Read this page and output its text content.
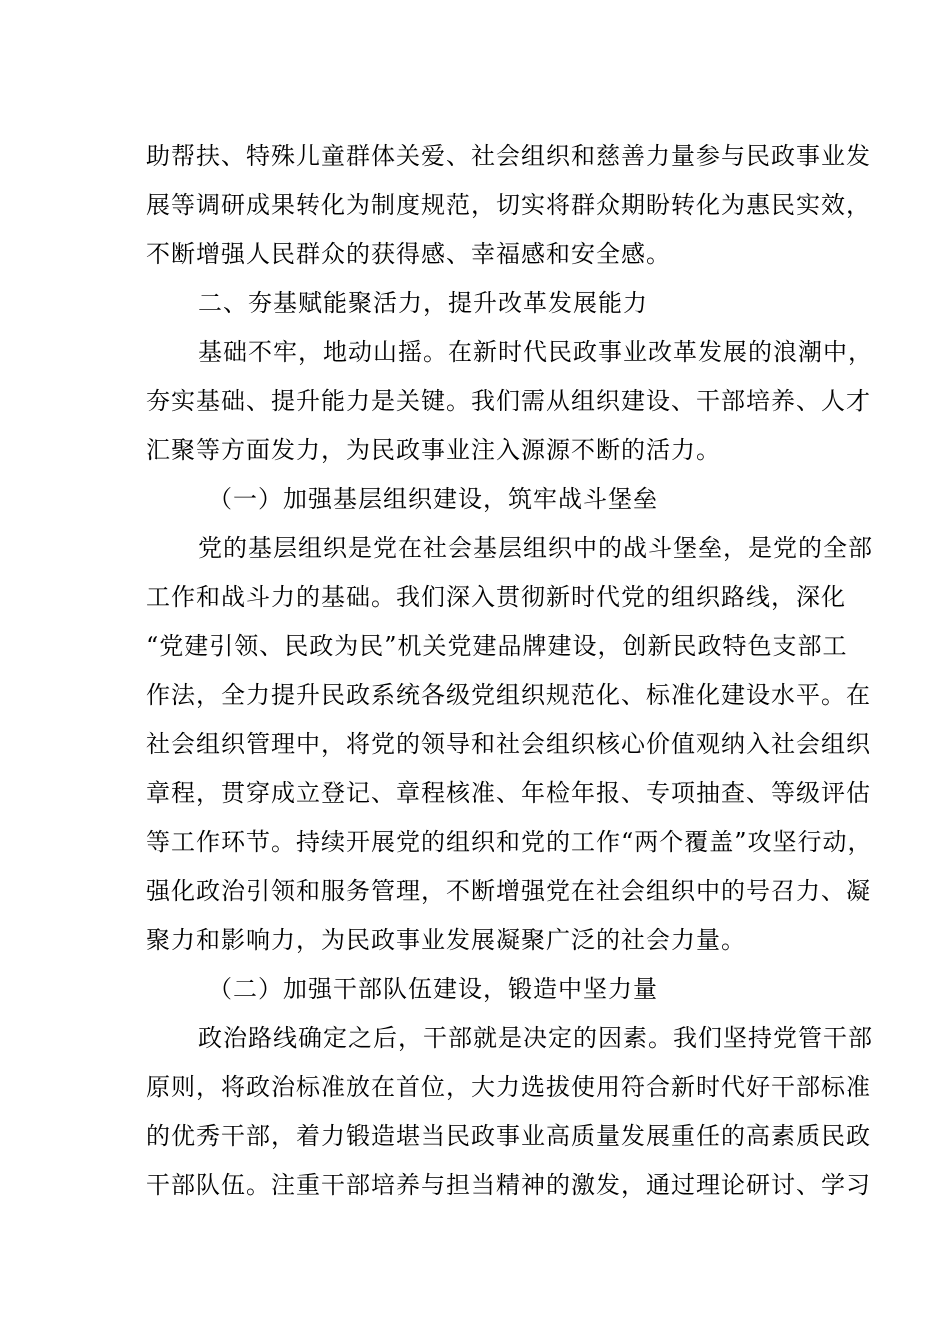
助帮扶、特殊儿童群体关爱、社会组织和慈善力量参与民政事业发
展等调研成果转化为制度规范，切实将群众期盼转化为惠民实效，
不断增强人民群众的获得感、幸福感和安全感。
二、夯基赋能聚活力，提升改革发展能力
基础不牢，地动山摇。在新时代民政事业改革发展的浪潮中，
夯实基础、提升能力是关键。我们需从组织建设、干部培养、人才
汇聚等方面发力，为民政事业注入源源不断的活力。
（一）加强基层组织建设，筑牢战斗堡垒
党的基层组织是党在社会基层组织中的战斗堡垒，是党的全部
工作和战斗力的基础。我们深入贯彻新时代党的组织路线，深化
“党建引领、民政为民”机关党建品牌建设，创新民政特色支部工
作法，全力提升民政系统各级党组织规范化、标准化建设水平。在
社会组织管理中，将党的领导和社会组织核心价值观纳入社会组织
章程，贯穿成立登记、章程核准、年检年报、专项抽查、等级评估
等工作环节。持续开展党的组织和党的工作“两个覆盖”攻坚行动，
强化政治引领和服务管理，不断增强党在社会组织中的号召力、凝
聚力和影响力，为民政事业发展凝聚广泛的社会力量。
（二）加强干部队伍建设，锻造中坚力量
政治路线确定之后，干部就是决定的因素。我们坚持党管干部
原则，将政治标准放在首位，大力选拔使用符合新时代好干部标准
的优秀干部，着力锻造堪当民政事业高质量发展重任的高素质民政
干部队伍。注重干部培养与担当精神的激发，通过理论研讨、学习
